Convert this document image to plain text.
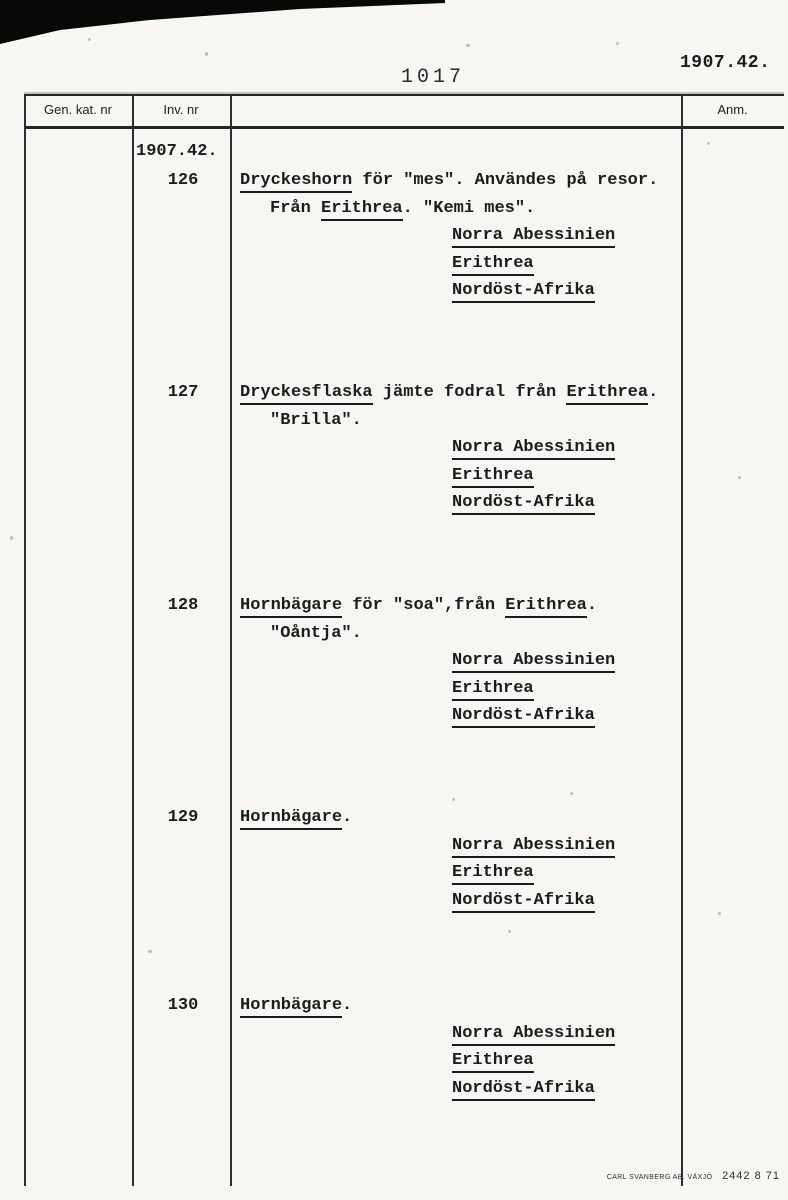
1907.42.
1017
Gen. kat. nr	Inv. nr	Anm.
1907.42.
126	Dryckeshorn för "mes". Användes på resor.
Från Erithrea. "Kemi mes".
Norra Abessinien
Erithrea
Nordöst-Afrika
127	Dryckesflaska jämte fodral från Erithrea.
"Brilla".
Norra Abessinien
Erithrea
Nordöst-Afrika
128	Hornbägare för "soa",från Erithrea.
"Oåntja".
Norra Abessinien
Erithrea
Nordöst-Afrika
129	Hornbägare.
Norra Abessinien
Erithrea
Nordöst-Afrika
130	Hornbägare.
Norra Abessinien
Erithrea
Nordöst-Afrika
CARL SVANBERG AB. VÄXJÖ 2442 8 71
